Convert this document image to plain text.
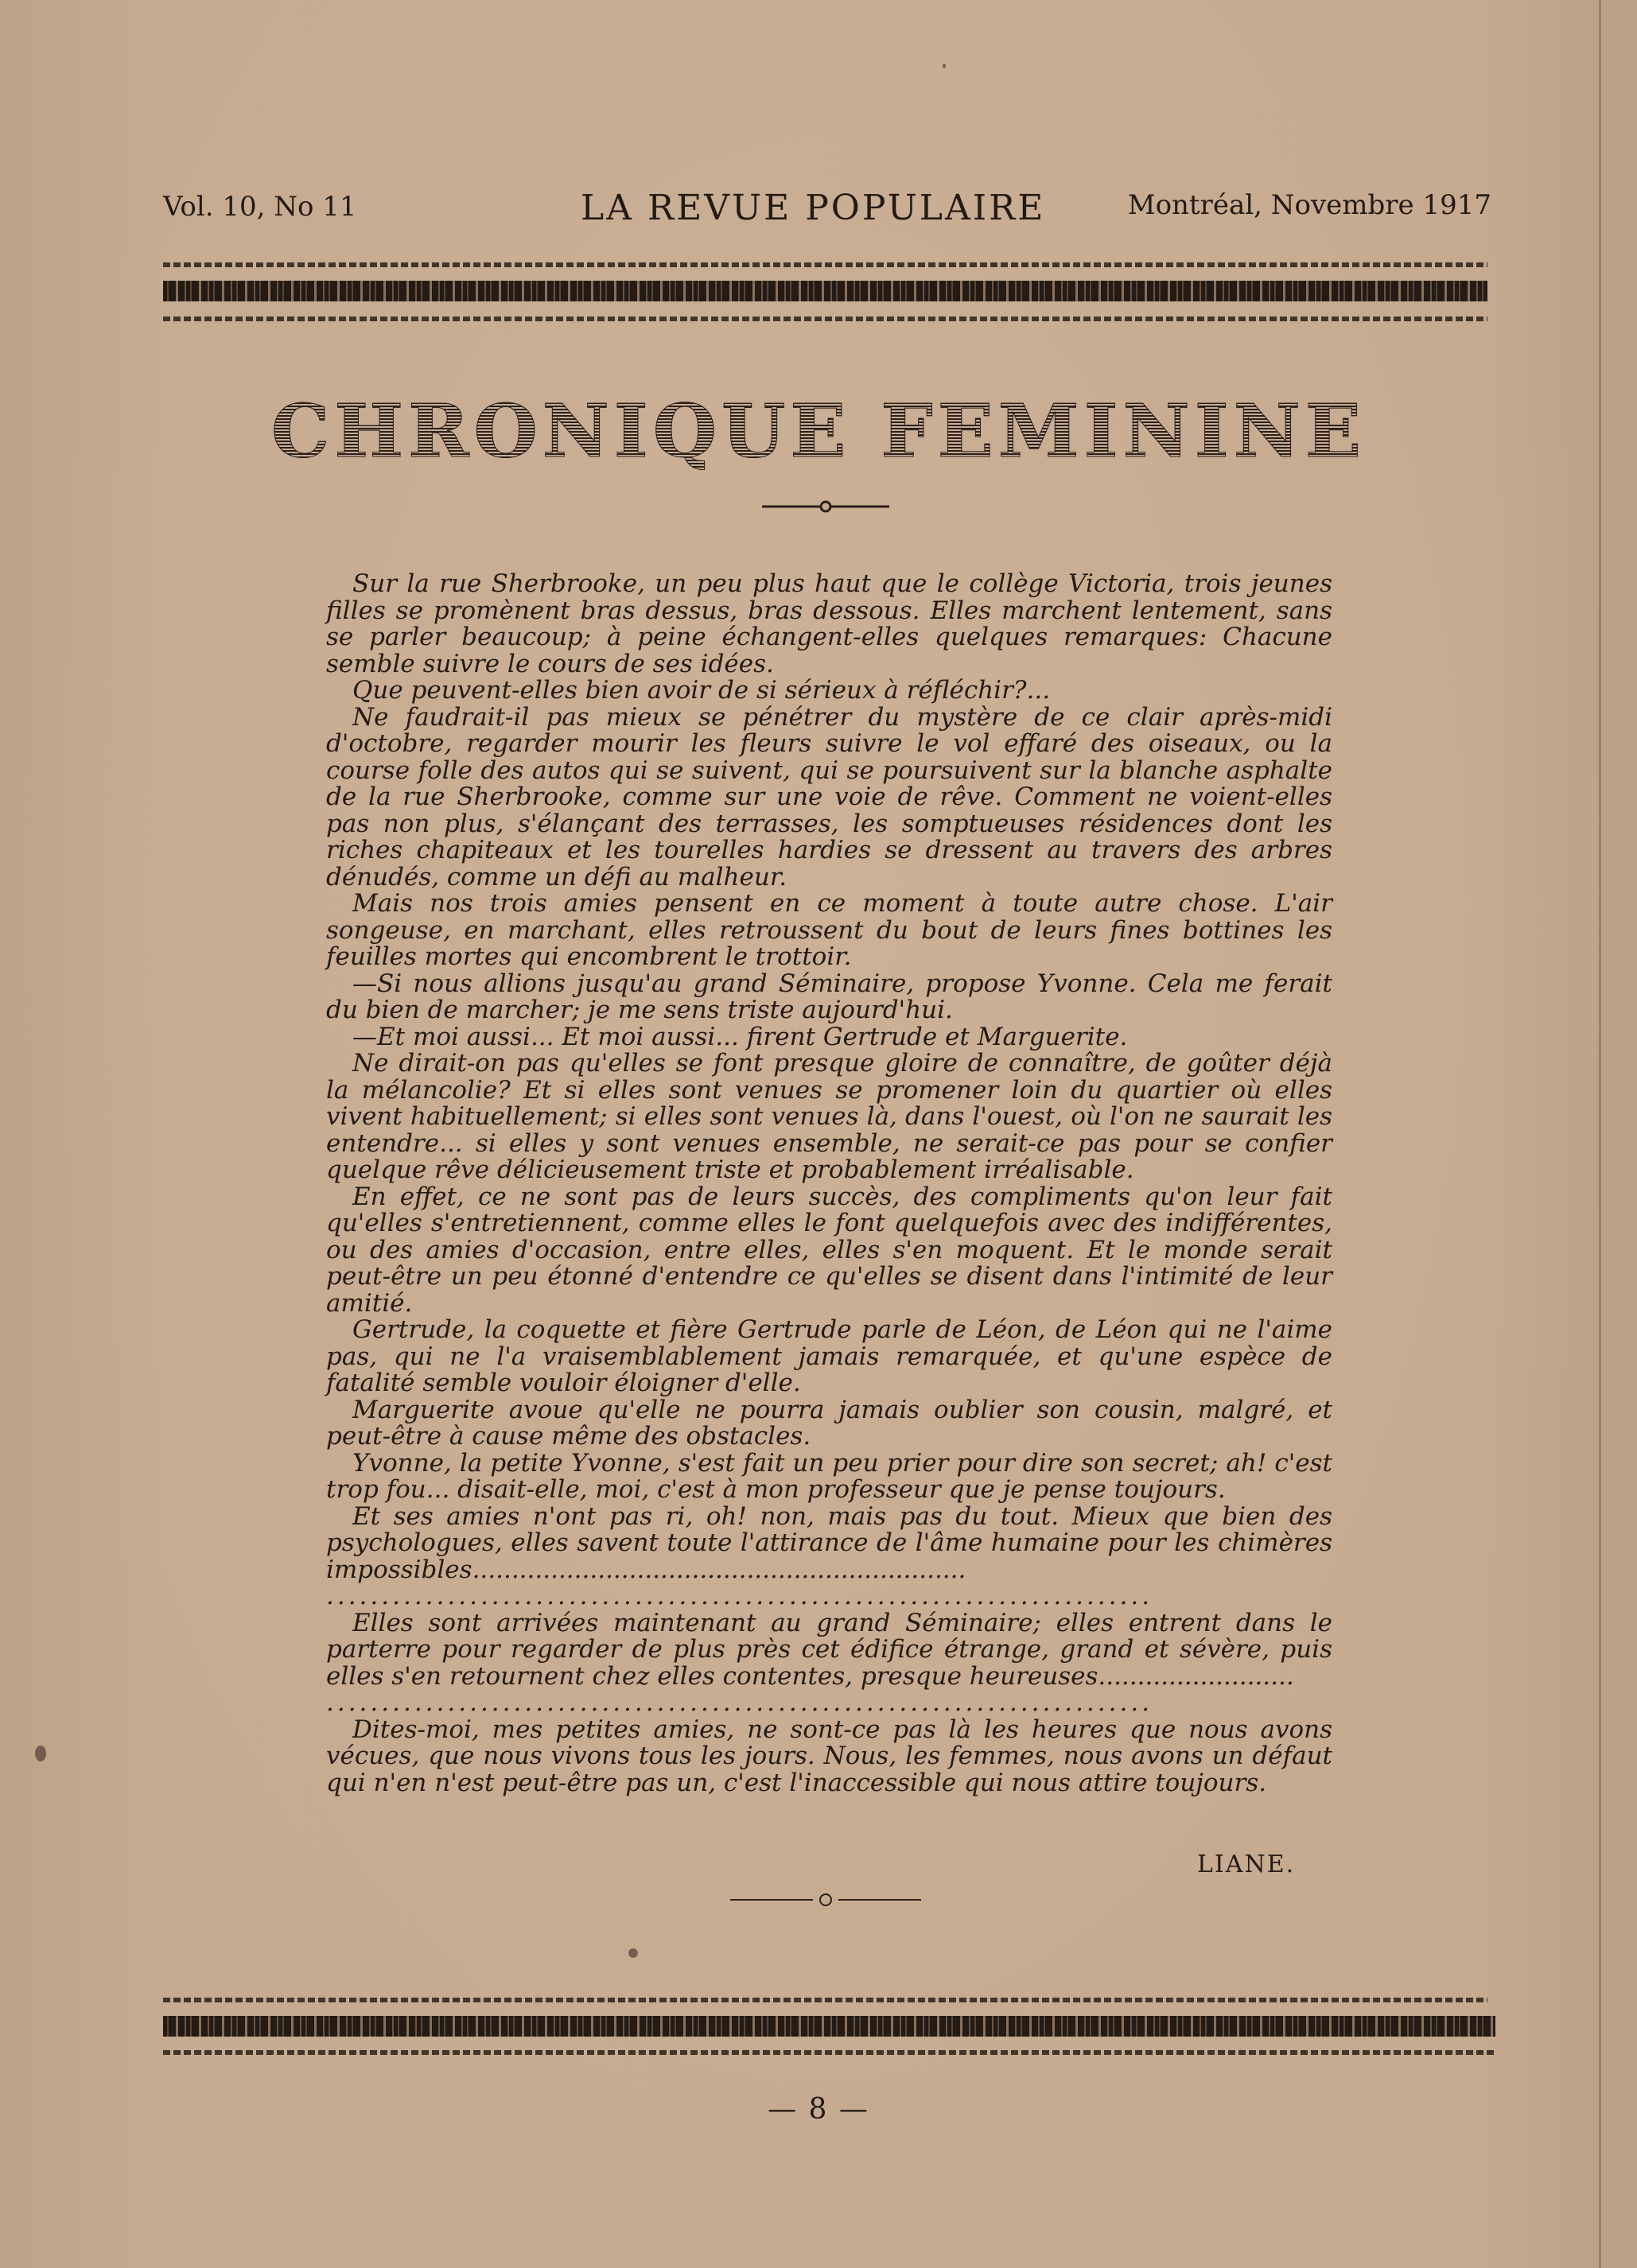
Vol. 10, No 11	LA REVUE POPULAIRE	Montréal, Novembre 1917
CHRONIQUE FEMININE

Sur la rue Sherbrooke, un peu plus haut que le collège Victoria, trois jeunes filles se promènent bras dessus, bras dessous. Elles marchent lentement, sans se parler beaucoup; à peine échangent-elles quelques remarques: Chacune semble suivre le cours de ses idées.

Que peuvent-elles bien avoir de si sérieux à réfléchir?...

Ne faudrait-il pas mieux se pénétrer du mystère de ce clair après-midi d'octobre, regarder mourir les fleurs suivre le vol effaré des oiseaux, ou la course folle des autos qui se suivent, qui se poursuivent sur la blanche asphalte de la rue Sherbrooke, comme sur une voie de rêve. Comment ne voient-elles pas non plus, s'élançant des terrasses, les somptueuses résidences dont les riches chapiteaux et les tourelles hardies se dressent au travers des arbres dénudés, comme un défi au malheur.

Mais nos trois amies pensent en ce moment à toute autre chose. L'air songeuse, en marchant, elles retroussent du bout de leurs fines bottines les feuilles mortes qui encombrent le trottoir.

—Si nous allions jusqu'au grand Séminaire, propose Yvonne. Cela me ferait du bien de marcher; je me sens triste aujourd'hui.

—Et moi aussi... Et moi aussi... firent Gertrude et Marguerite.

Ne dirait-on pas qu'elles se font presque gloire de connaître, de goûter déjà la mélancolie? Et si elles sont venues se promener loin du quartier où elles vivent habituellement; si elles sont venues là, dans l'ouest, où l'on ne saurait les entendre... si elles y sont venues ensemble, ne serait-ce pas pour se confier quelque rêve délicieusement triste et probablement irréalisable.

En effet, ce ne sont pas de leurs succès, des compliments qu'on leur fait qu'elles s'entretiennent, comme elles le font quelquefois avec des indifférentes, ou des amies d'occasion, entre elles, elles s'en moquent. Et le monde serait peut-être un peu étonné d'entendre ce qu'elles se disent dans l'intimité de leur amitié.

Gertrude, la coquette et fière Gertrude parle de Léon, de Léon qui ne l'aime pas, qui ne l'a vraisemblablement jamais remarquée, et qu'une espèce de fatalité semble vouloir éloigner d'elle.

Marguerite avoue qu'elle ne pourra jamais oublier son cousin, malgré, et peut-être à cause même des obstacles.

Yvonne, la petite Yvonne, s'est fait un peu prier pour dire son secret; ah! c'est trop fou... disait-elle, moi, c'est à mon professeur que je pense toujours.

Et ses amies n'ont pas ri, oh! non, mais pas du tout. Mieux que bien des psychologues, elles savent toute l'attirance de l'âme humaine pour les chimères impossibles...............................................................

...........................................................................

Elles sont arrivées maintenant au grand Séminaire; elles entrent dans le parterre pour regarder de plus près cet édifice étrange, grand et sévère, puis elles s'en retournent chez elles contentes, presque heureuses.........................

...........................................................................

Dites-moi, mes petites amies, ne sont-ce pas là les heures que nous avons vécues, que nous vivons tous les jours. Nous, les femmes, nous avons un défaut qui n'en n'est peut-être pas un, c'est l'inaccessible qui nous attire toujours.

LIANE.
— 8 —
